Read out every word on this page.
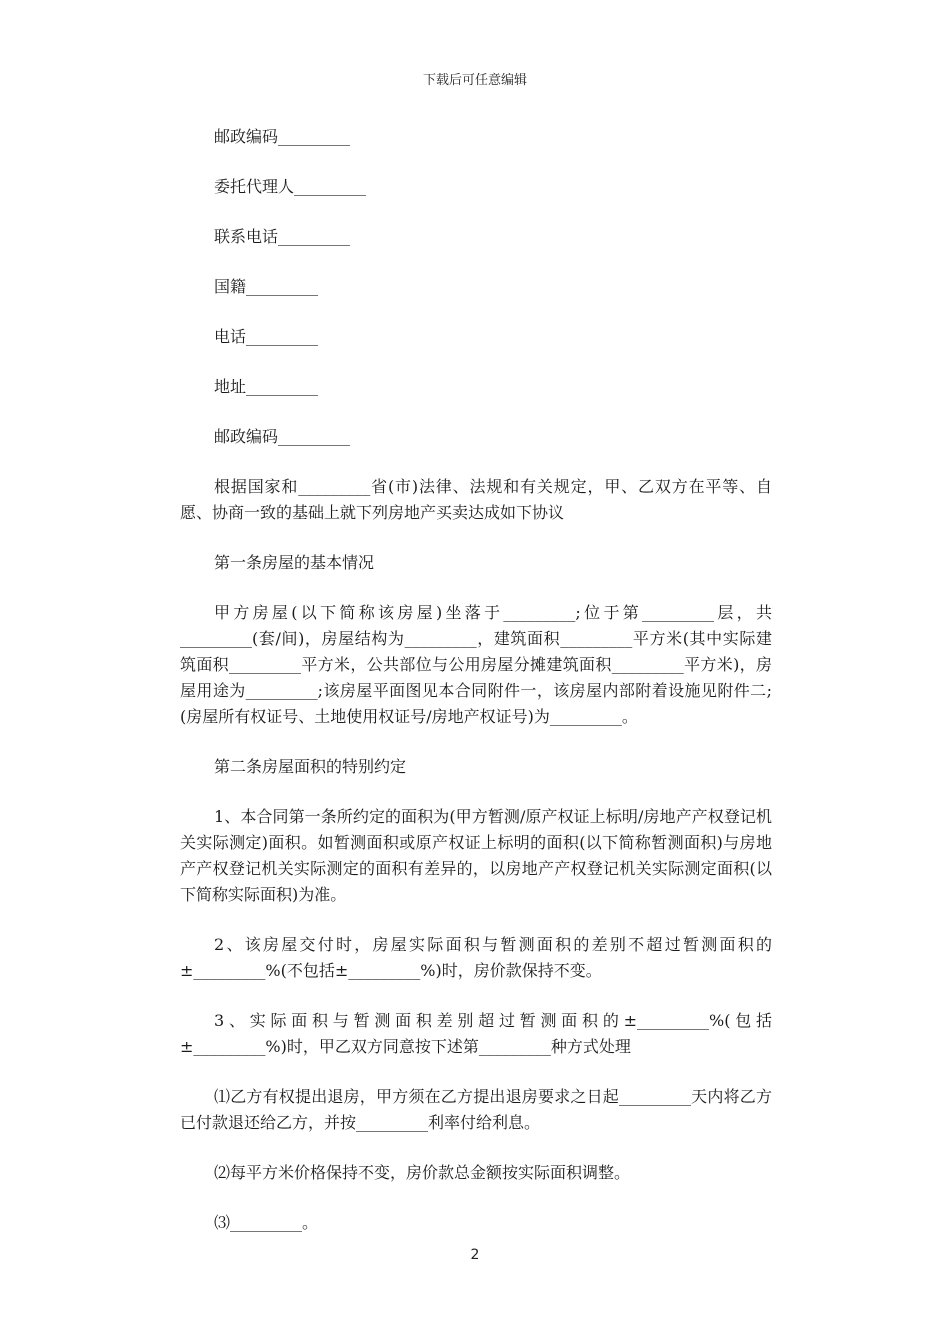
下载后可任意编辑
邮政编码_________
委托代理人_________
联系电话_________
国籍_________
电话_________
地址_________
邮政编码_________
根据国家和_________省(市)法律、法规和有关规定，甲、乙双方在平等、自愿、协商一致的基础上就下列房地产买卖达成如下协议
第一条房屋的基本情况
甲方房屋(以下简称该房屋)坐落于_________;位于第_________层，共_________(套/间)，房屋结构为_________，建筑面积_________平方米(其中实际建筑面积_________平方米，公共部位与公用房屋分摊建筑面积_________平方米)，房屋用途为_________;该房屋平面图见本合同附件一，该房屋内部附着设施见附件二;(房屋所有权证号、土地使用权证号/房地产权证号)为_________。
第二条房屋面积的特别约定
1、本合同第一条所约定的面积为(甲方暂测/原产权证上标明/房地产产权登记机关实际测定)面积。如暂测面积或原产权证上标明的面积(以下简称暂测面积)与房地产产权登记机关实际测定的面积有差异的，以房地产产权登记机关实际测定面积(以下简称实际面积)为准。
2、该房屋交付时，房屋实际面积与暂测面积的差别不超过暂测面积的±_________%(不包括±_________%)时，房价款保持不变。
3、实际面积与暂测面积差别超过暂测面积的±_________%(包括±_________%)时，甲乙双方同意按下述第_________种方式处理
⑴乙方有权提出退房，甲方须在乙方提出退房要求之日起_________天内将乙方已付款退还给乙方，并按_________利率付给利息。
⑵每平方米价格保持不变，房价款总金额按实际面积调整。
⑶_________。
2
